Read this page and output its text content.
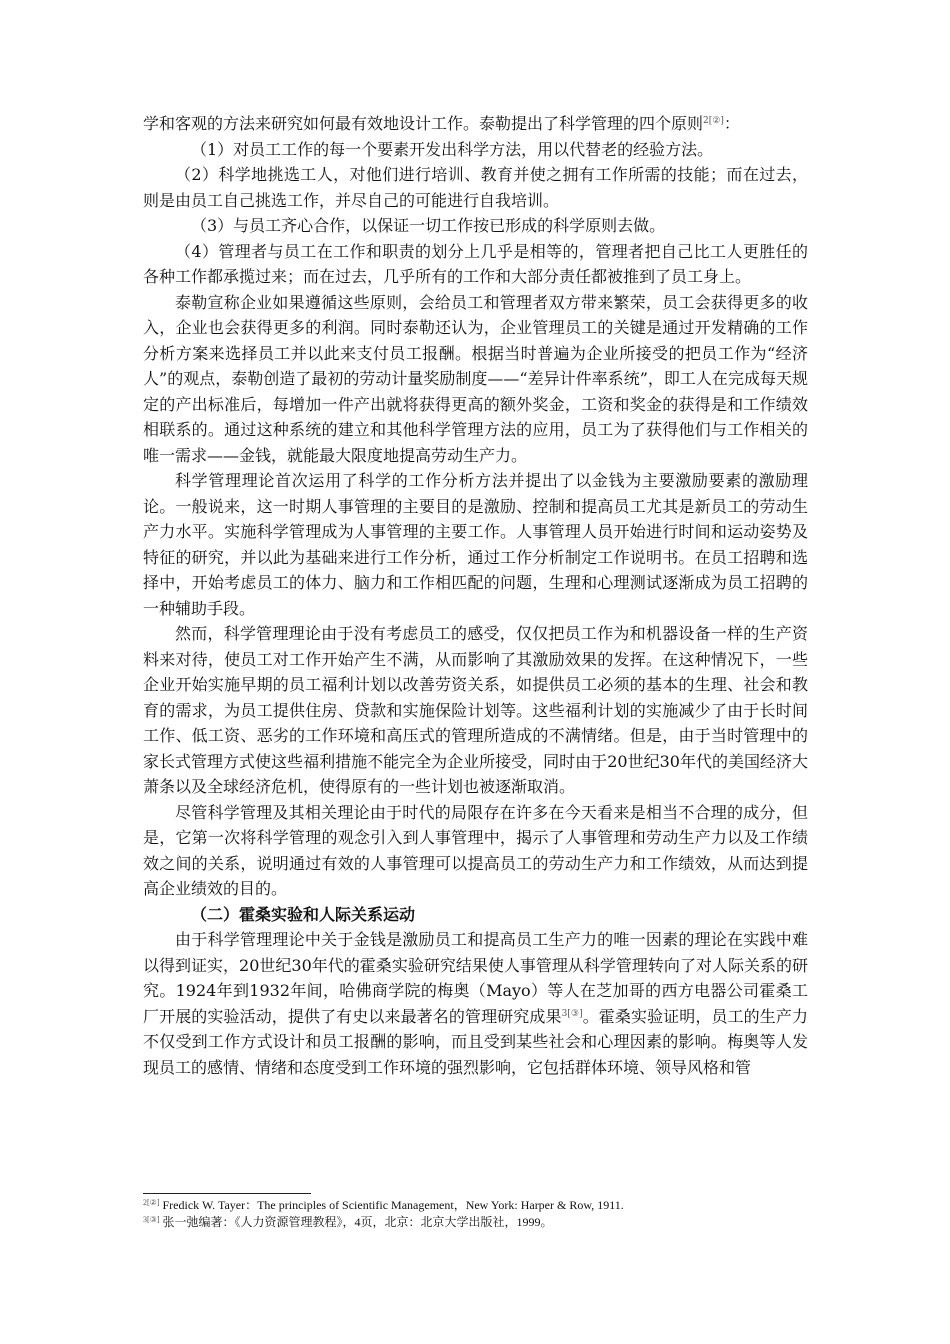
学和客观的方法来研究如何最有效地设计工作。泰勒提出了科学管理的四个原则$^{2[②]}$：

（1）对员工工作的每一个要素开发出科学方法，用以代替老的经验方法。

（2）科学地挑选工人，对他们进行培训、教育并使之拥有工作所需的技能；而在过去，则是由员工自己挑选工作，并尽自己的可能进行自我培训。

（3）与员工齐心合作，以保证一切工作按已形成的科学原则去做。

（4）管理者与员工在工作和职责的划分上几乎是相等的，管理者把自己比工人更胜任的各种工作都承揽过来；而在过去，几乎所有的工作和大部分责任都被推到了员工身上。

泰勒宣称企业如果遵循这些原则，会给员工和管理者双方带来繁荣，员工会获得更多的收入，企业也会获得更多的利润。同时泰勒还认为，企业管理员工的关键是通过开发精确的工作分析方案来选择员工并以此来支付员工报酬。根据当时普遍为企业所接受的把员工作为“经济人”的观点，泰勒创造了最初的劳动计量奖励制度——“差异计件率系统”，即工人在完成每天规定的产出标准后，每增加一件产出就将获得更高的额外奖金，工资和奖金的获得是和工作绩效相联系的。通过这种系统的建立和其他科学管理方法的应用，员工为了获得他们与工作相关的唯一需求——金钱，就能最大限度地提高劳动生产力。

科学管理理论首次运用了科学的工作分析方法并提出了以金钱为主要激励要素的激励理论。一般说来，这一时期人事管理的主要目的是激励、控制和提高员工尤其是新员工的劳动生产力水平。实施科学管理成为人事管理的主要工作。人事管理人员开始进行时间和运动姿势及特征的研究，并以此为基础来进行工作分析，通过工作分析制定工作说明书。在员工招聘和选择中，开始考虑员工的体力、脑力和工作相匹配的问题，生理和心理测试逐渐成为员工招聘的一种辅助手段。

然而，科学管理理论由于没有考虑员工的感受，仅仅把员工作为和机器设备一样的生产资料来对待，使员工对工作开始产生不满，从而影响了其激励效果的发挥。在这种情况下，一些企业开始实施早期的员工福利计划以改善劳资关系，如提供员工必须的基本的生理、社会和教育的需求，为员工提供住房、贷款和实施保险计划等。这些福利计划的实施减少了由于长时间工作、低工资、恶劣的工作环境和高压式的管理所造成的不满情绪。但是，由于当时管理中的家长式管理方式使这些福利措施不能完全为企业所接受，同时由于20世纪30年代的美国经济大萧条以及全球经济危机，使得原有的一些计划也被逐渐取消。

尽管科学管理及其相关理论由于时代的局限存在许多在今天看来是相当不合理的成分，但是，它第一次将科学管理的观念引入到人事管理中，揭示了人事管理和劳动生产力以及工作绩效之间的关系，说明通过有效的人事管理可以提高员工的劳动生产力和工作绩效，从而达到提高企业绩效的目的。

（二）霍桑实验和人际关系运动

由于科学管理理论中关于金钱是激励员工和提高员工生产力的唯一因素的理论在实践中难以得到证实，20世纪30年代的霍桑实验研究结果使人事管理从科学管理转向了对人际关系的研究。1924年到1932年间，哈佛商学院的梅奥（Mayo）等人在芝加哥的西方电器公司霍桑工厂开展的实验活动，提供了有史以来最著名的管理研究成果$^{3[③]}$。霍桑实验证明，员工的生产力不仅受到工作方式设计和员工报酬的影响，而且受到某些社会和心理因素的影响。梅奥等人发现员工的感情、情绪和态度受到工作环境的强烈影响，它包括群体环境、领导风格和管

$^{2[②]}$ Fredick W. Tayer：The principles of Scientific Management，New York: Harper & Row, 1911.
$^{3[③]}$ 张一弛编著：《人力资源管理教程》，4页，北京：北京大学出版社，1999。
